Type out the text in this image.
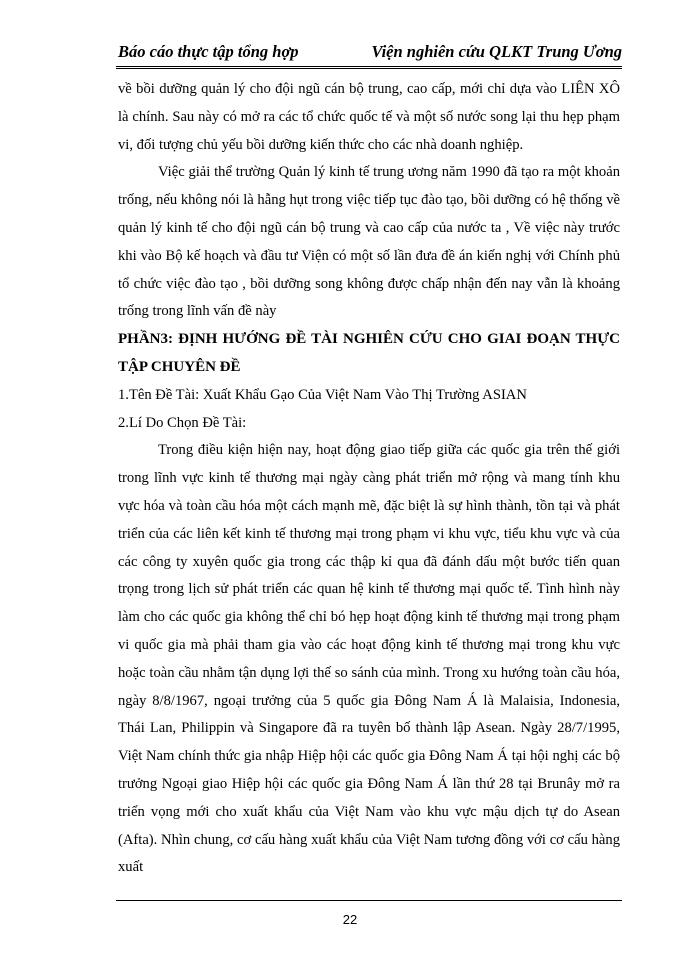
Báo cáo thực tập tổng hợp	Viện nghiên cứu QLKT Trung Ương

về bồi dưỡng quản lý cho đội ngũ cán bộ trung, cao cấp, mới chỉ dựa vào LIÊN XÔ là chính. Sau này có mở ra các tổ chức quốc tế và một số nước song lại thu hẹp phạm vi, đối tượng chủ yếu bồi dưỡng kiến thức cho các nhà doanh nghiệp.

Việc giải thể trường Quản lý kinh tế trung ương năm 1990 đã tạo ra một khoản trống, nếu không nói là hẫng hụt trong việc tiếp tục đào tạo, bồi dưỡng có hệ thống về quản lý kinh tế cho đội ngũ cán bộ trung và cao cấp của nước ta , Về việc này trước khi vào Bộ kế hoạch và đầu tư Viện có một số lần đưa đề án kiến nghị với Chính phủ tổ chức việc đào tạo , bồi dưỡng song không được chấp nhận đến nay vẫn là khoảng trống trong lĩnh vấn đề này

PHẦN3: ĐỊNH HƯỚNG ĐỀ TÀI NGHIÊN CỨU CHO GIAI ĐOẠN THỰC TẬP CHUYÊN ĐỀ

1.Tên Đề Tài: Xuất Khẩu Gạo Của Việt Nam Vào Thị Trường ASIAN

2.Lí Do Chọn Đề Tài:

Trong điều kiện hiện nay, hoạt động giao tiếp giữa các quốc gia trên thế giới trong lĩnh vực kinh tế thương mại ngày càng phát triển mở rộng và mang tính khu vực hóa và toàn cầu hóa một cách mạnh mẽ, đặc biệt là sự hình thành, tồn tại và phát triển của các liên kết kinh tế thương mại trong phạm vi khu vực, tiểu khu vực và của các công ty xuyên quốc gia trong các thập kỉ qua đã đánh dấu một bước tiến quan trọng trong lịch sử phát triển các quan hệ kinh tế thương mại quốc tế. Tình hình này làm cho các quốc gia không thể chỉ bó hẹp hoạt động kinh tế thương mại trong phạm vi quốc gia mà phải tham gia vào các hoạt động kinh tế thương mại trong khu vực hoặc toàn cầu nhằm tận dụng lợi thế so sánh của mình. Trong xu hướng toàn cầu hóa, ngày 8/8/1967, ngoại trưởng của 5 quốc gia Đông Nam Á là Malaisia, Indonesia, Thái Lan, Philippin và Singapore đã ra tuyên bố thành lập Asean. Ngày 28/7/1995, Việt Nam chính thức gia nhập Hiệp hội các quốc gia Đông Nam Á tại hội nghị các bộ trưởng Ngoại giao Hiệp hội các quốc gia Đông Nam Á lần thứ 28 tại Brunây mở ra triển vọng mới cho xuất khẩu của Việt Nam vào khu vực mậu dịch tự do Asean (Afta). Nhìn chung, cơ cấu hàng xuất khẩu của Việt Nam tương đồng với cơ cấu hàng xuất

22
